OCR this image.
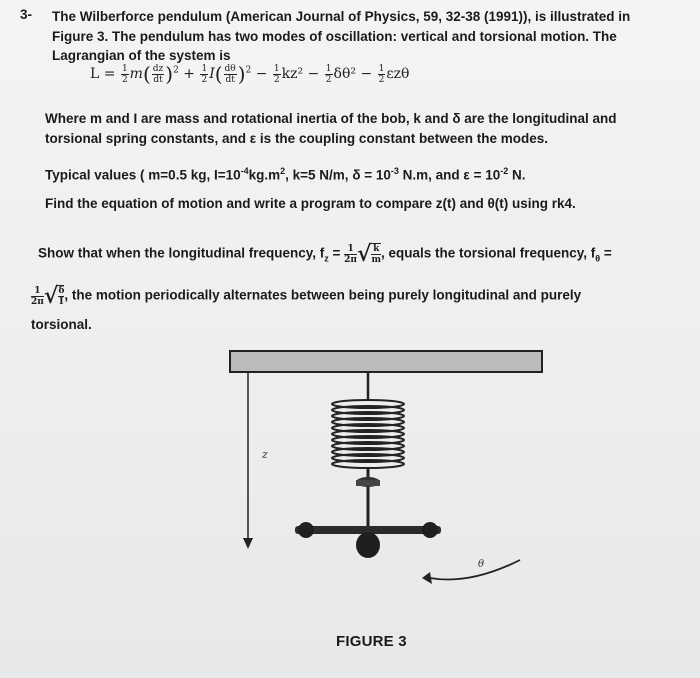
3- The Wilberforce pendulum (American Journal of Physics, 59, 32-38 (1991)), is illustrated in
Figure 3. The pendulum has two modes of oscillation: vertical and torsional motion. The
Lagrangian of the system is
$L = \frac{1}{2} m( \frac{dz}{dt} )^2 + \frac{1}{2} I( \frac{d\theta}{dt} )^2 - \frac{1}{2} kz^2 - \frac{1}{2} \delta\theta^2 - \frac{1}{2}$ εzθ
Where m and I are mass and rotational inertia of the bob, k and δ are the longitudinal and
torsional spring constants, and ε is the coupling constant between the modes.
Typical values ( m=0.5 kg, $I=10^{-4}kg.m^2$, k=5 N/m, $\delta = 10^{-3}$ N.m, and $\varepsilon = 10^{-2}$ N.
Find the equation of motion and write a program to compare z(t) and θ(t) using rk4.
Show that when the longitudinal frequency, $f_z = \frac{1}{2\pi}√ \frac{k}{m}$, equals the torsional frequency, $f_\theta$ =
$\frac{1}{2\pi}√ \frac{\delta}{I}$, the motion periodically alternates between being purely longitudinal and purely
torsional.
z
θ
FIGURE 3
